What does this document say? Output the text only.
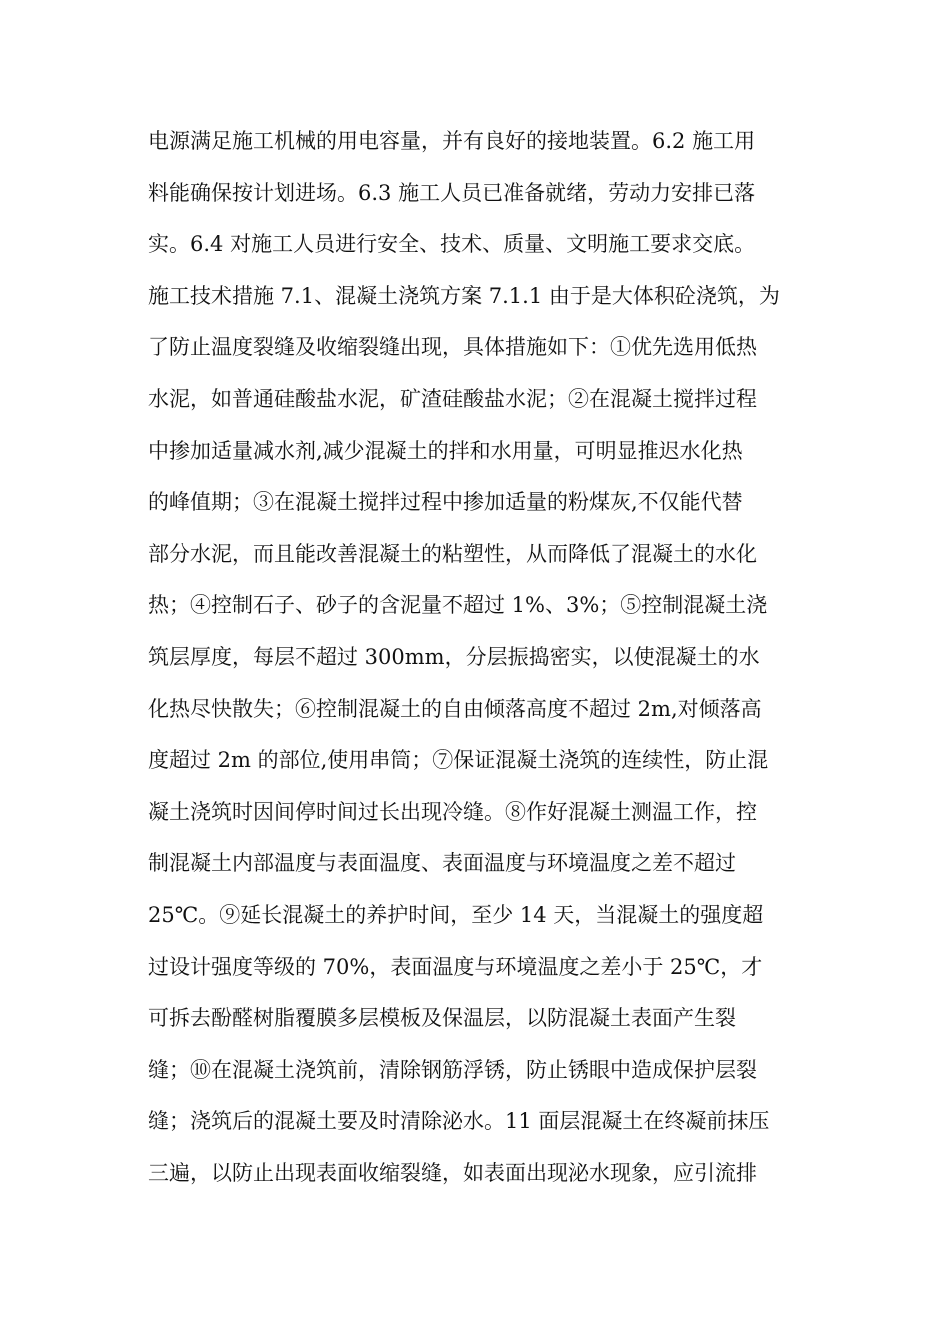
电源满足施工机械的用电容量，并有良好的接地装置。6.2 施工用
料能确保按计划进场。6.3 施工人员已准备就绪，劳动力安排已落
实。6.4 对施工人员进行安全、技术、质量、文明施工要求交底。
施工技术措施 7.1、混凝土浇筑方案 7.1.1 由于是大体积砼浇筑，为
了防止温度裂缝及收缩裂缝出现，具体措施如下：①优先选用低热
水泥，如普通硅酸盐水泥，矿渣硅酸盐水泥；②在混凝土搅拌过程
中掺加适量减水剂,减少混凝土的拌和水用量，可明显推迟水化热
的峰值期；③在混凝土搅拌过程中掺加适量的粉煤灰,不仅能代替
部分水泥，而且能改善混凝土的粘塑性，从而降低了混凝土的水化
热；④控制石子、砂子的含泥量不超过 1%、3%；⑤控制混凝土浇
筑层厚度，每层不超过 300mm，分层振捣密实，以使混凝土的水
化热尽快散失；⑥控制混凝土的自由倾落高度不超过 2m,对倾落高
度超过 2m 的部位,使用串筒；⑦保证混凝土浇筑的连续性，防止混
凝土浇筑时因间停时间过长出现冷缝。⑧作好混凝土测温工作，控
制混凝土内部温度与表面温度、表面温度与环境温度之差不超过
25℃。⑨延长混凝土的养护时间，至少 14 天，当混凝土的强度超
过设计强度等级的 70%，表面温度与环境温度之差小于 25℃，才
可拆去酚醛树脂覆膜多层模板及保温层，以防混凝土表面产生裂
缝；⑩在混凝土浇筑前，清除钢筋浮锈，防止锈眼中造成保护层裂
缝；浇筑后的混凝土要及时清除泌水。11 面层混凝土在终凝前抹压
三遍，以防止出现表面收缩裂缝，如表面出现泌水现象，应引流排
